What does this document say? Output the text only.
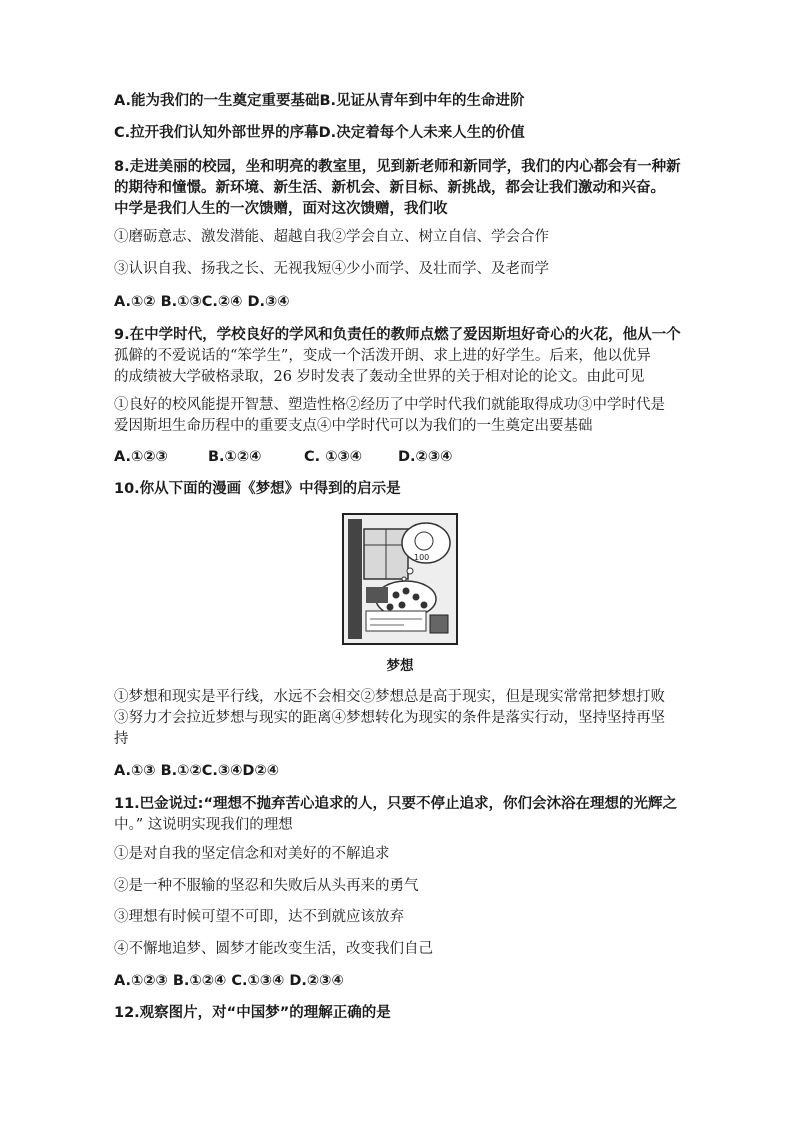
A.能为我们的一生奠定重要基础B.见证从青年到中年的生命进阶
C.拉开我们认知外部世界的序幕D.决定着每个人未来人生的价值
8.走进美丽的校园，坐和明亮的教室里，见到新老师和新同学，我们的内心都会有一种新
的期待和憧憬。新环境、新生活、新机会、新目标、新挑战，都会让我们激动和兴奋。
中学是我们人生的一次馈赠，面对这次馈赠，我们收
①磨砺意志、激发潜能、超越自我②学会自立、树立自信、学会合作
③认识自我、扬我之长、无视我短④少小而学、及壮而学、及老而学
A.①② B.①③C.②④ D.③④
9.在中学时代，学校良好的学风和负责任的教师点燃了爱因斯坦好奇心的火花，他从一个
孤僻的不爱说话的“笨学生”，变成一个活泼开朗、求上进的好学生。后来，他以优异
的成绩被大学破格录取，26 岁时发表了轰动全世界的关于相对论的论文。由此可见
①良好的校风能提开智慧、塑造性格②经历了中学时代我们就能取得成功③中学时代是
爱因斯坦生命历程中的重要支点④中学时代可以为我们的一生奠定出要基础
A.①②③	B.①②④	C. ①③④ D.②③④
10.你从下面的漫画《梦想》中得到的启示是
100
梦想
①梦想和现实是平行线，水远不会相交②梦想总是高于现实，但是现实常常把梦想打败
③努力才会拉近梦想与现实的距离④梦想转化为现实的条件是落实行动，坚持坚持再坚
持
A.①③ B.①②C.③④D②④
11.巴金说过:“理想不抛弃苦心追求的人，只要不停止追求，你们会沐浴在理想的光辉之
中。” 这说明实现我们的理想
①是对自我的坚定信念和对美好的不解追求
②是一种不服输的坚忍和失败后从头再来的勇气
③理想有时候可望不可即，达不到就应该放弃
④不懈地追梦、圆梦才能改变生活，改变我们自己
A.①②③ B.①②④ C.①③④ D.②③④
12.观察图片，对“中国梦”的理解正确的是
